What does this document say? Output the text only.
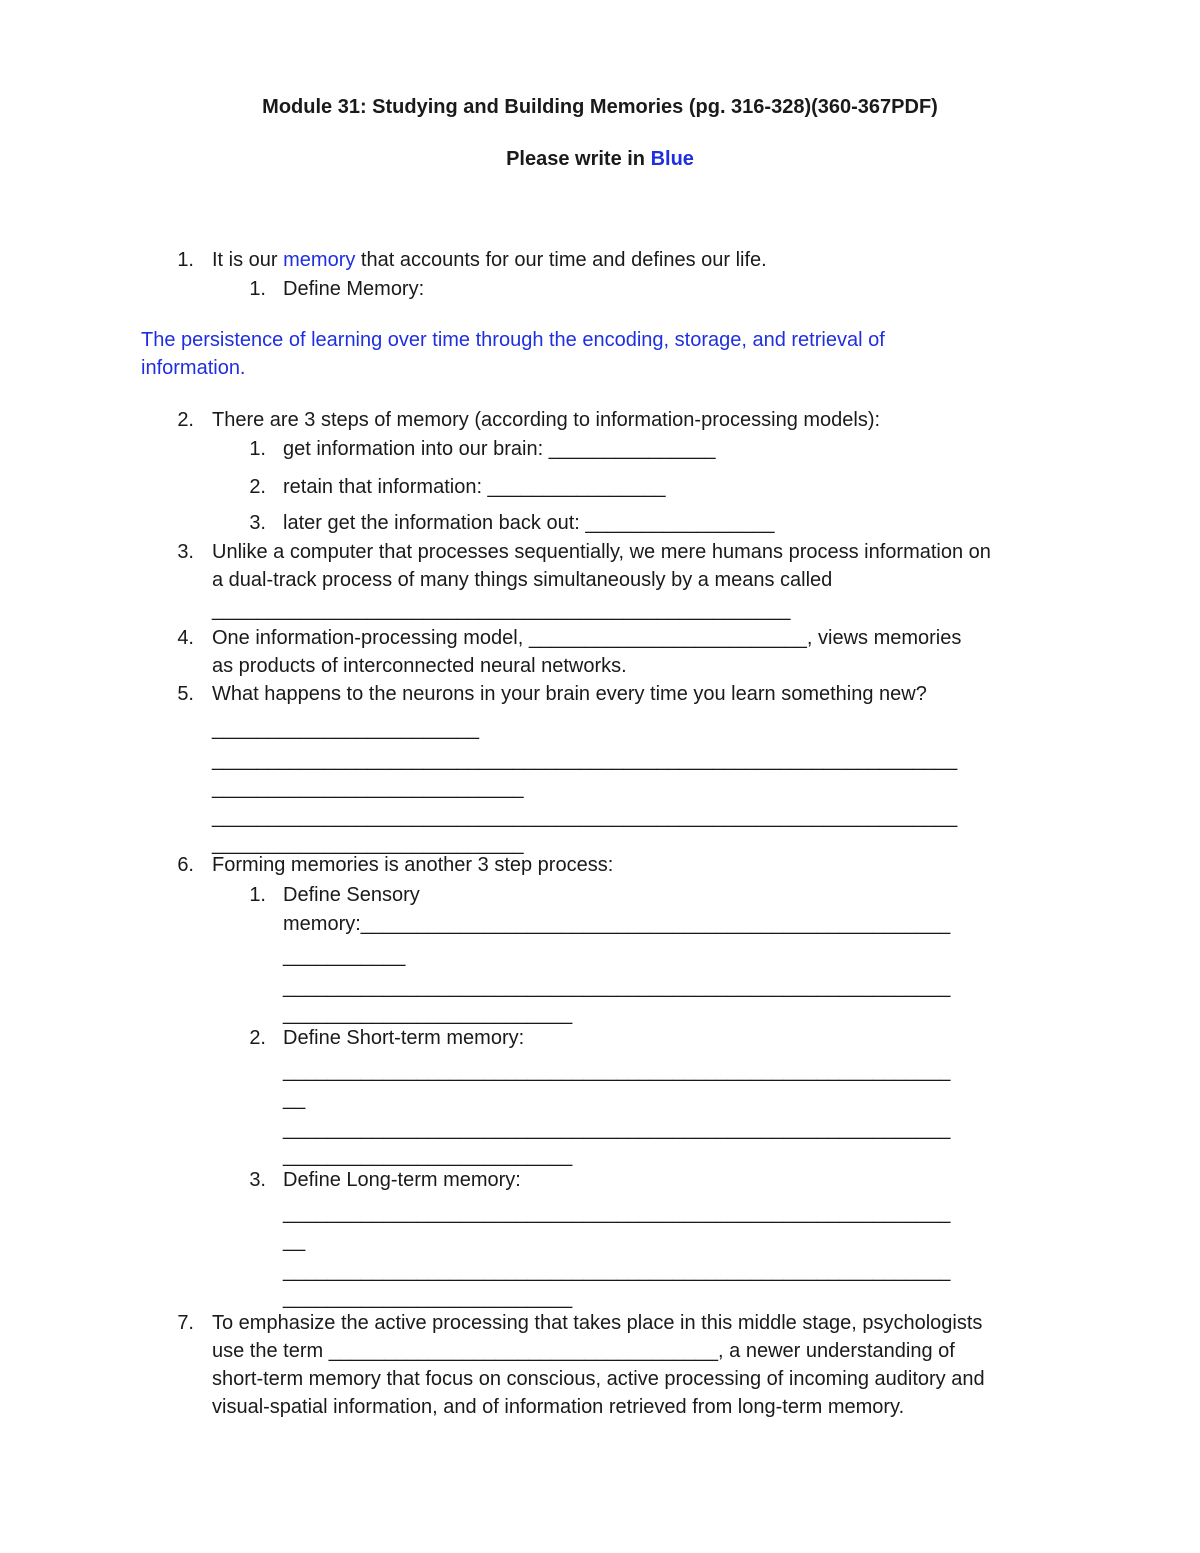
Module 31: Studying and Building Memories (pg. 316-328)(360-367PDF)
Please write in Blue
1. It is our memory that accounts for our time and defines our life.
1. Define Memory:
The persistence of learning over time through the encoding, storage, and retrieval of
information.
2. There are 3 steps of memory (according to information-processing models):
1. get information into our brain: _______________
2. retain that information: ________________
3. later get the information back out: _________________
3. Unlike a computer that processes sequentially, we mere humans process information on
a dual-track process of many things simultaneously by a means called
____________________________________________________
4. One information-processing model, _________________________, views memories
as products of interconnected neural networks.
5. What happens to the neurons in your brain every time you learn something new?
________________________
___________________________________________________________________
____________________________
___________________________________________________________________
____________________________
6. Forming memories is another 3 step process:
1. Define Sensory
memory:_____________________________________________________
___________
____________________________________________________________
__________________________
2. Define Short-term memory:
____________________________________________________________
__
____________________________________________________________
__________________________
3. Define Long-term memory:
____________________________________________________________
__
____________________________________________________________
__________________________
7. To emphasize the active processing that takes place in this middle stage, psychologists
use the term ___________________________________, a newer understanding of
short-term memory that focus on conscious, active processing of incoming auditory and
visual-spatial information, and of information retrieved from long-term memory.
